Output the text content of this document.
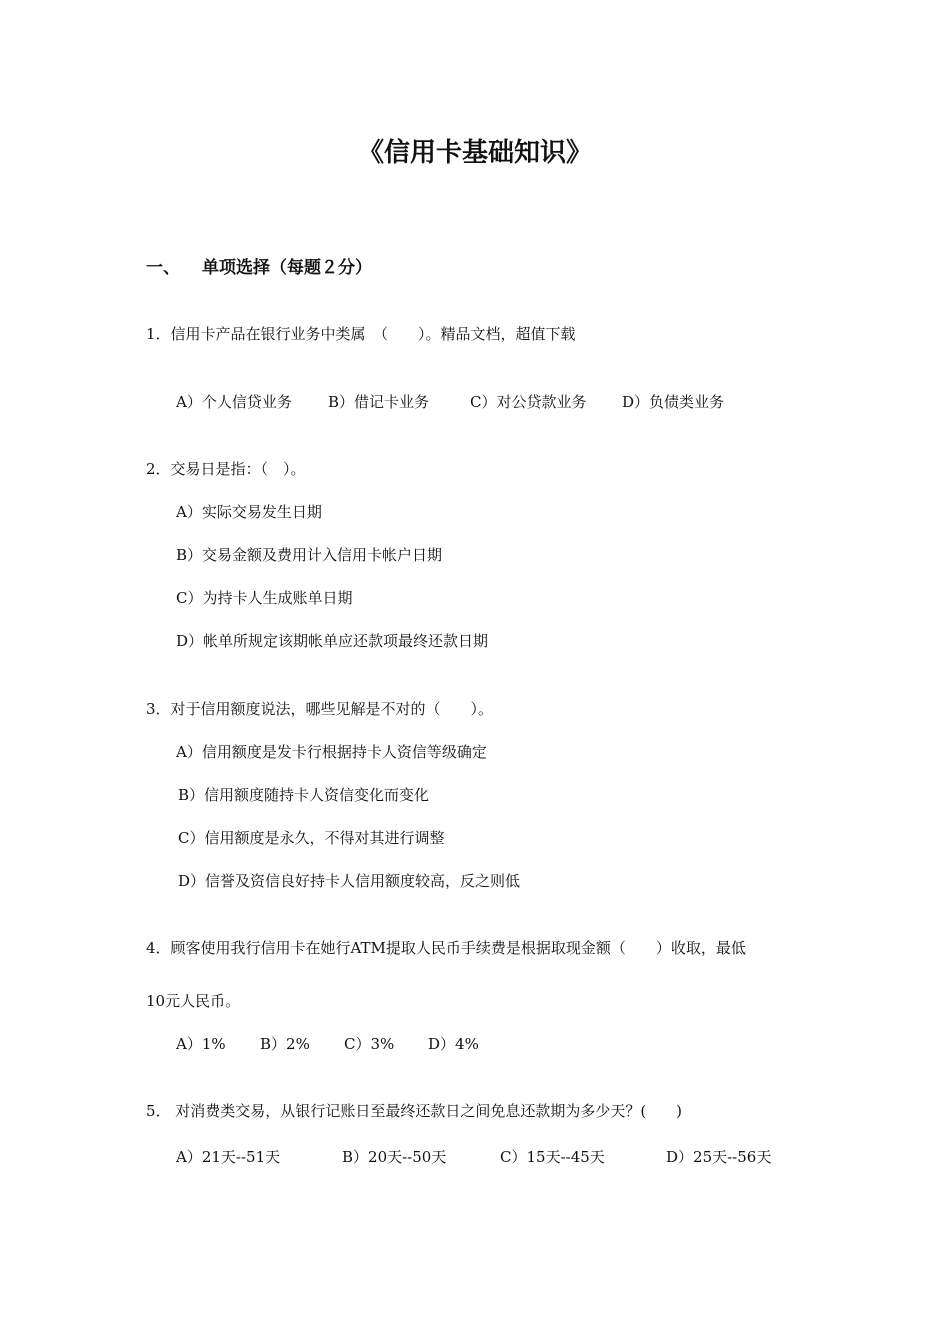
《信用卡基础知识》
一、 单项选择（每题２分）
1．信用卡产品在银行业务中类属　（　　）。精品文档，超值下载
A）个人信贷业务 B）借记卡业务	C）对公贷款业务 D）负债类业务
2．交易日是指：（　）。
A）实际交易发生日期
B）交易金额及费用计入信用卡帐户日期
C）为持卡人生成账单日期
D）帐单所规定该期帐单应还款项最终还款日期
3．对于信用额度说法，哪些见解是不对的（　　）。
A）信用额度是发卡行根据持卡人资信等级确定
B）信用额度随持卡人资信变化而变化
C）信用额度是永久，不得对其进行调整
D）信誉及资信良好持卡人信用额度较高，反之则低
4．顾客使用我行信用卡在她行ATM提取人民币手续费是根据取现金额（　　）收取，最低
10元人民币。
A）1% B）2% C）3% D）4%
5． 对消费类交易，从银行记账日至最终还款日之间免息还款期为多少天？(　　)
A）21天--51天	B）20天--50天	C）15天--45天	D）25天--56天
